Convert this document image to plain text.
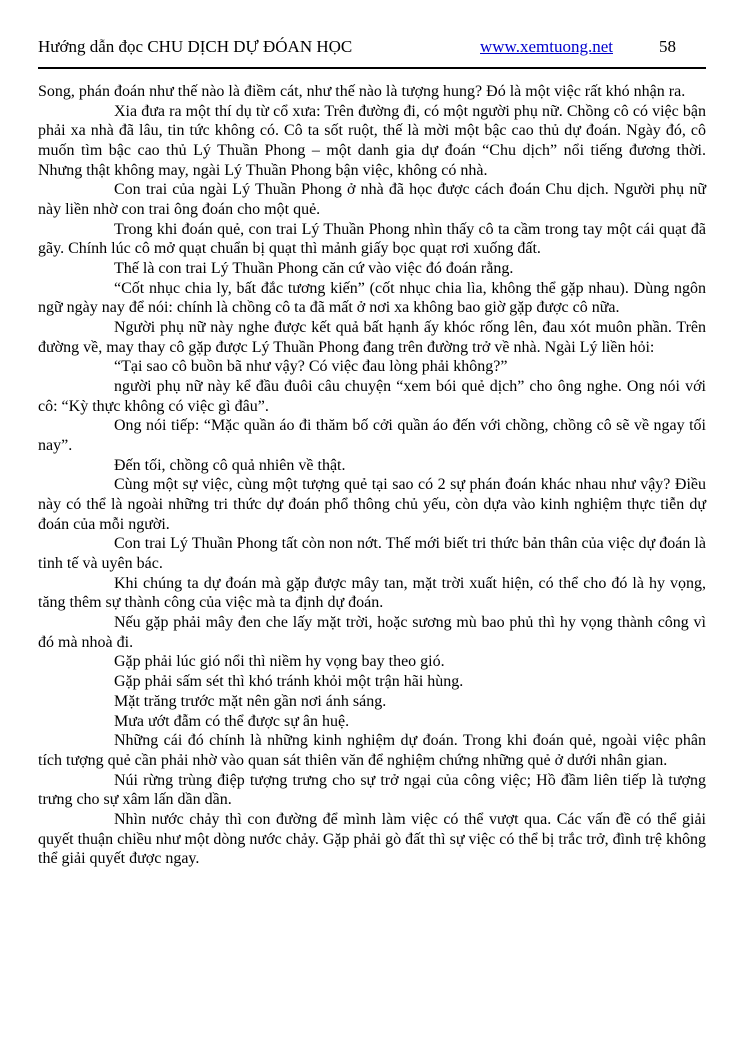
Hướng dẫn đọc CHU DỊCH DỰ ĐÓAN HỌC	www.xemtuong.net	58

Song, phán đoán như thế nào là điềm cát, như thế nào là tượng hung? Đó là một việc rất khó nhận ra.

Xia đưa ra một thí dụ từ cổ xưa: Trên đường đi, có một người phụ nữ. Chồng cô có việc bận phải xa nhà đã lâu, tin tức không có. Cô ta sốt ruột, thế là mời một bậc cao thủ dự đoán. Ngày đó, cô muốn tìm bậc cao thủ Lý Thuần Phong – một danh gia dự đoán “Chu dịch” nổi tiếng đương thời. Nhưng thật không may, ngài Lý Thuần Phong bận việc, không có nhà.

Con trai của ngài Lý Thuần Phong ở nhà đã học được cách đoán Chu dịch. Người phụ nữ này liền nhờ con trai ông đoán cho một quẻ.

Trong khi đoán quẻ, con trai Lý Thuần Phong nhìn thấy cô ta cầm trong tay một cái quạt đã gãy. Chính lúc cô mở quạt chuẩn bị quạt thì mảnh giấy bọc quạt rơi xuống đất.

Thế là con trai Lý Thuần Phong căn cứ vào việc đó đoán rằng.

“Cốt nhục chia ly, bất đắc tương kiến” (cốt nhục chia lìa, không thể gặp nhau). Dùng ngôn ngữ ngày nay để nói: chính là chồng cô ta đã mất ở nơi xa không bao giờ gặp được cô nữa.

Người phụ nữ này nghe được kết quả bất hạnh ấy khóc rống lên, đau xót muôn phần. Trên đường về, may thay cô gặp được Lý Thuần Phong đang trên đường trở về nhà. Ngài Lý liền hỏi:

“Tại sao cô buồn bã như vậy? Có việc đau lòng phải không?”

người phụ nữ này kể đầu đuôi câu chuyện “xem bói quẻ dịch” cho ông nghe. Ong nói với cô: “Kỳ thực không có việc gì đâu”.

Ong nói tiếp: “Mặc quần áo đi thăm bố cởi quần áo đến với chồng, chồng cô sẽ về ngay tối nay”.

Đến tối, chồng cô quả nhiên về thật.

Cùng một sự việc, cùng một tượng quẻ tại sao có 2 sự phán đoán khác nhau như vậy? Điều này có thể là ngoài những tri thức dự đoán phổ thông chủ yếu, còn dựa vào kinh nghiệm thực tiễn dự đoán của mỗi người.

Con trai Lý Thuần Phong tất còn non nớt. Thế mới biết tri thức bản thân của việc dự đoán là tinh tế và uyên bác.

Khi chúng ta dự đoán mà gặp được mây tan, mặt trời xuất hiện, có thể cho đó là hy vọng, tăng thêm sự thành công của việc mà ta định dự đoán.

Nếu gặp phải mây đen che lấy mặt trời, hoặc sương mù bao phủ thì hy vọng thành công vì đó mà nhoà đi.

Gặp phải lúc gió nổi thì niềm hy vọng bay theo gió.

Gặp phải sấm sét thì khó tránh khỏi một trận hãi hùng.

Mặt trăng trước mặt nên gần nơi ánh sáng.

Mưa ướt đẫm có thể được sự ân huệ.

Những cái đó chính là những kinh nghiệm dự đoán. Trong khi đoán quẻ, ngoài việc phân tích tượng quẻ cần phải nhờ vào quan sát thiên văn để nghiệm chứng những quẻ ở dưới nhân gian.

Núi rừng trùng điệp tượng trưng cho sự trở ngại của công việc; Hồ đầm liên tiếp là tượng trưng cho sự xâm lấn dần dần.

Nhìn nước chảy thì con đường để mình làm việc có thể vượt qua. Các vấn đề có thể giải quyết thuận chiều như một dòng nước chảy. Gặp phải gò đất thì sự việc có thể bị trắc trở, đình trệ không thể giải quyết được ngay.
